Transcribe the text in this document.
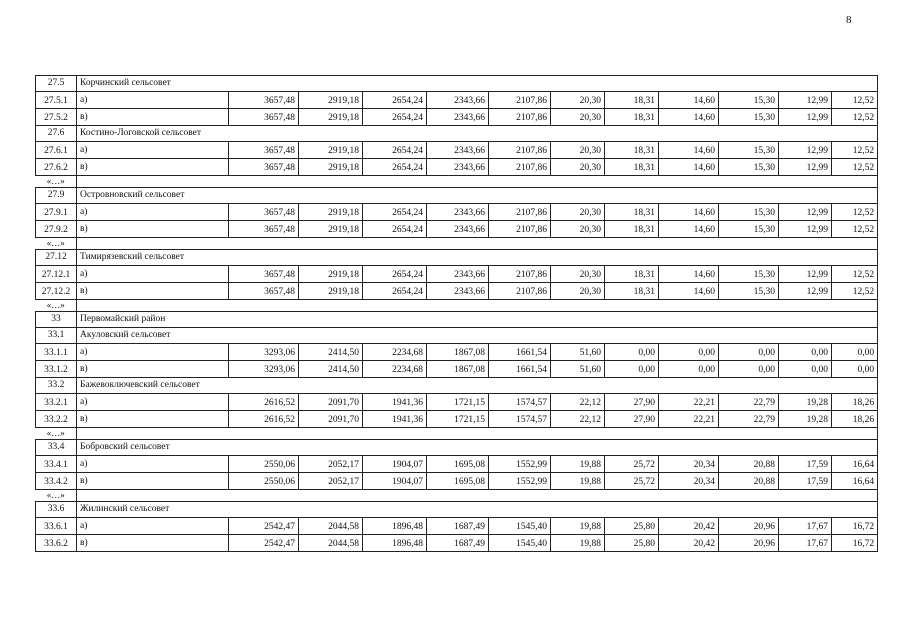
8
27.5	Корчинский сельсовет											
27.5.1	а)	3657,48	2919,18	2654,24	2343,66	2107,86	20,30	18,31	14,60	15,30	12,99	12,52
27.5.2	в)	3657,48	2919,18	2654,24	2343,66	2107,86	20,30	18,31	14,60	15,30	12,99	12,52
27.6	Костино-Логовской сельсовет											
27.6.1	а)	3657,48	2919,18	2654,24	2343,66	2107,86	20,30	18,31	14,60	15,30	12,99	12,52
27.6.2	в)	3657,48	2919,18	2654,24	2343,66	2107,86	20,30	18,31	14,60	15,30	12,99	12,52
«…»												
27.9	Островновский сельсовет											
27.9.1	а)	3657,48	2919,18	2654,24	2343,66	2107,86	20,30	18,31	14,60	15,30	12,99	12,52
27.9.2	в)	3657,48	2919,18	2654,24	2343,66	2107,86	20,30	18,31	14,60	15,30	12,99	12,52
«…»												
27.12	Тимирязевский сельсовет											
27.12.1	а)	3657,48	2919,18	2654,24	2343,66	2107,86	20,30	18,31	14,60	15,30	12,99	12,52
27.12.2	в)	3657,48	2919,18	2654,24	2343,66	2107,86	20,30	18,31	14,60	15,30	12,99	12,52
«…»												
33	Первомайский район											
33.1	Акуловский сельсовет											
33.1.1	а)	3293,06	2414,50	2234,68	1867,08	1661,54	51,60	0,00	0,00	0,00	0,00	0,00
33.1.2	в)	3293,06	2414,50	2234,68	1867,08	1661,54	51,60	0,00	0,00	0,00	0,00	0,00
33.2	Бажевоключевский сельсовет											
33.2.1	а)	2616,52	2091,70	1941,36	1721,15	1574,57	22,12	27,90	22,21	22,79	19,28	18,26
33.2.2	в)	2616,52	2091,70	1941,36	1721,15	1574,57	22,12	27,90	22,21	22,79	19,28	18,26
«…»												
33.4	Бобровский сельсовет											
33.4.1	а)	2550,06	2052,17	1904,07	1695,08	1552,99	19,88	25,72	20,34	20,88	17,59	16,64
33.4.2	в)	2550,06	2052,17	1904,07	1695,08	1552,99	19,88	25,72	20,34	20,88	17,59	16,64
«…»												
33.6	Жилинский сельсовет											
33.6.1	а)	2542,47	2044,58	1896,48	1687,49	1545,40	19,88	25,80	20,42	20,96	17,67	16,72
33.6.2	в)	2542,47	2044,58	1896,48	1687,49	1545,40	19,88	25,80	20,42	20,96	17,67	16,72
